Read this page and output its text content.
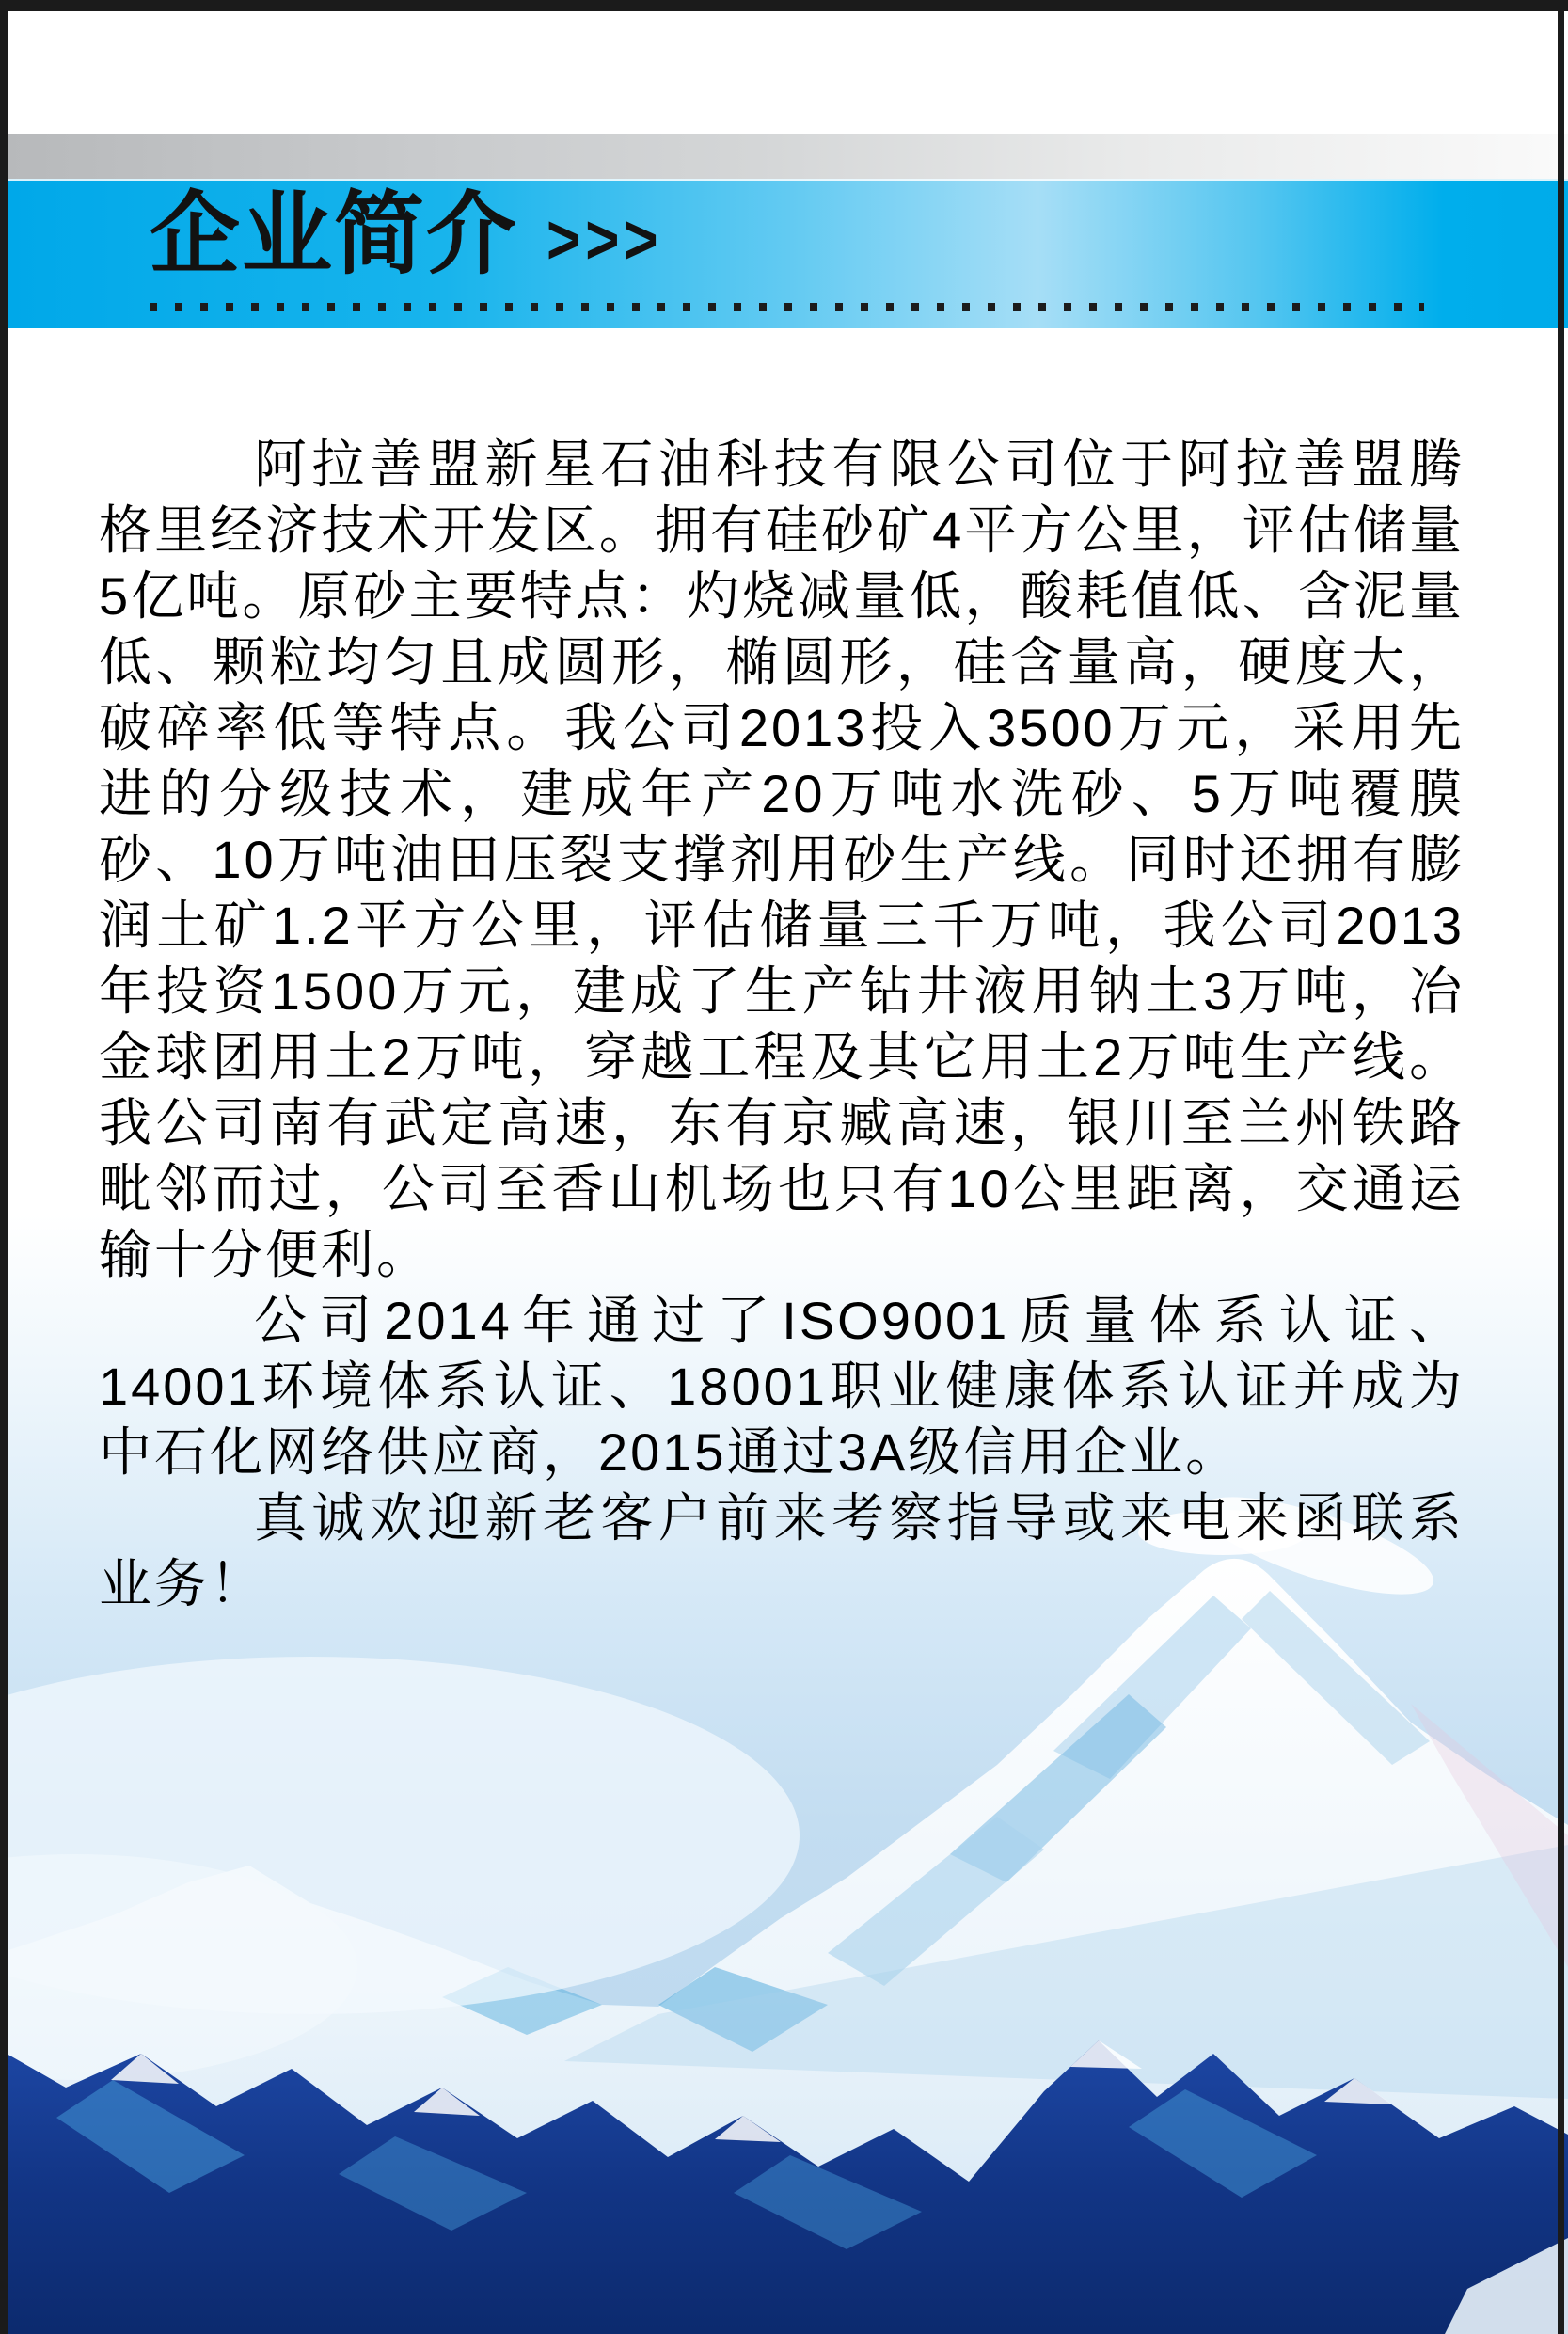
企业简介 >>>

阿拉善盟新星石油科技有限公司位于阿拉善盟腾格里经济技术开发区。拥有硅砂矿4平方公里，评估储量5亿吨。原砂主要特点：灼烧减量低，酸耗值低、含泥量低、颗粒均匀且成圆形，椭圆形，硅含量高，硬度大，破碎率低等特点。我公司2013投入3500万元，采用先进的分级技术，建成年产20万吨水洗砂、5万吨覆膜砂、10万吨油田压裂支撑剂用砂生产线。同时还拥有膨润土矿1.2平方公里，评估储量三千万吨，我公司2013年投资1500万元，建成了生产钻井液用钠土3万吨，冶金球团用土2万吨，穿越工程及其它用土2万吨生产线。我公司南有武定高速，东有京臧高速，银川至兰州铁路毗邻而过，公司至香山机场也只有10公里距离，交通运输十分便利。

公司2014年通过了ISO9001质量体系认证、14001环境体系认证、18001职业健康体系认证并成为中石化网络供应商，2015通过3A级信用企业。

真诚欢迎新老客户前来考察指导或来电来函联系业务！
